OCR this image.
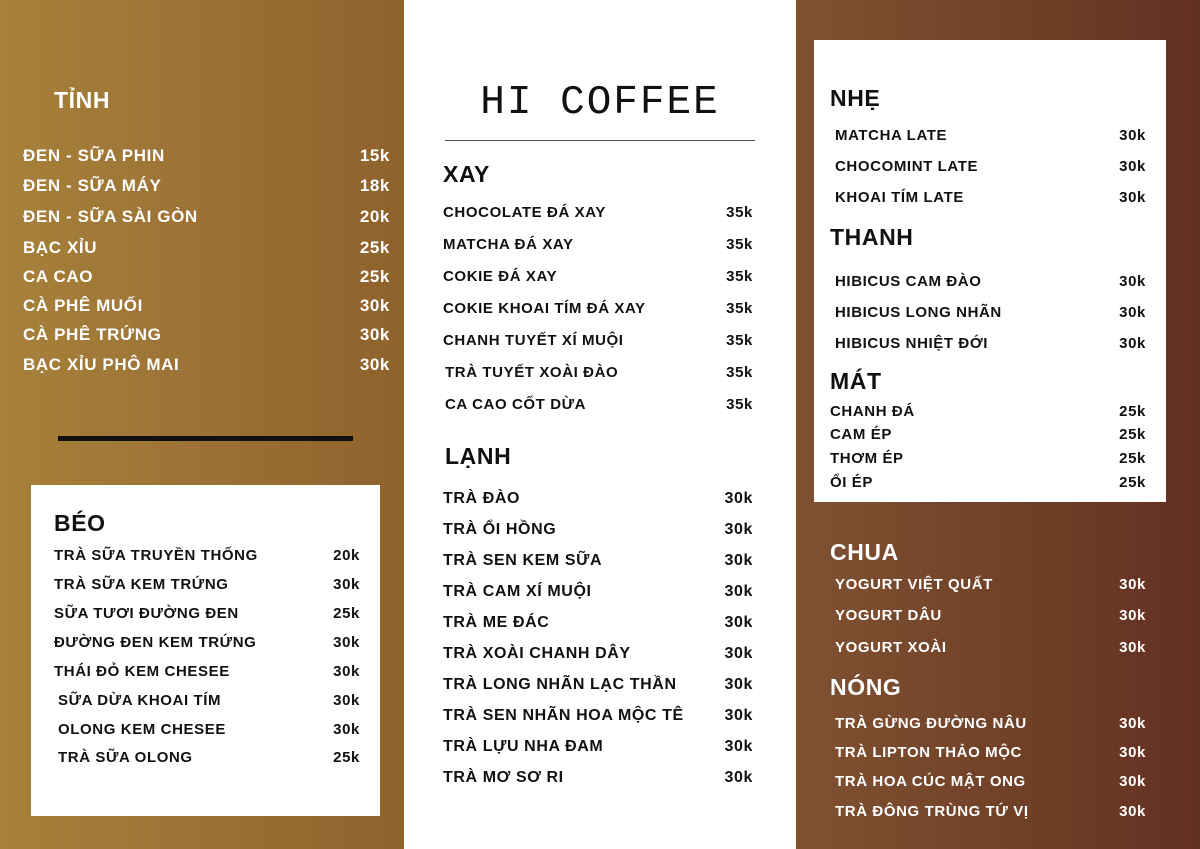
TỈNH
ĐEN - SỮA PHIN	15k
ĐEN - SỮA MÁY	18k
ĐEN - SỮA SÀI GÒN	20k
BẠC XỈU	25k
CA CAO	25k
CÀ PHÊ MUỐI	30k
CÀ PHÊ TRỨNG	30k
BẠC XỈU PHÔ MAI	30k
BÉO
TRÀ SỮA TRUYỀN THỐNG	20k
TRÀ SỮA KEM TRỨNG	30k
SỮA TƯƠI ĐƯỜNG ĐEN	25k
ĐƯỜNG ĐEN KEM TRỨNG	30k
THÁI ĐỎ KEM CHESEE	30k
SỮA DỪA KHOAI TÍM	30k
OLONG KEM CHESEE	30k
TRÀ SỮA OLONG	25k
HI COFFEE
XAY
CHOCOLATE ĐÁ XAY	35k
MATCHA ĐÁ XAY	35k
COKIE ĐÁ XAY	35k
COKIE KHOAI TÍM ĐÁ XAY	35k
CHANH TUYẾT XÍ MUỘI	35k
TRÀ TUYẾT XOÀI ĐÀO	35k
CA CAO CỐT DỪA	35k
LẠNH
TRÀ ĐÀO	30k
TRÀ ỔI HỒNG	30k
TRÀ SEN KEM SỮA	30k
TRÀ CAM XÍ MUỘI	30k
TRÀ ME ĐÁC	30k
TRÀ XOÀI CHANH DÂY	30k
TRÀ LONG NHÃN LẠC THẦN	30k
TRÀ SEN NHÃN HOA MỘC TÊ	30k
TRÀ LỰU NHA ĐAM	30k
TRÀ MƠ SƠ RI	30k
NHẸ
MATCHA LATE	30k
CHOCOMINT LATE	30k
KHOAI TÍM LATE	30k
THANH
HIBICUS CAM ĐÀO	30k
HIBICUS LONG NHÃN	30k
HIBICUS NHIỆT ĐỚI	30k
MÁT
CHANH ĐÁ	25k
CAM ÉP	25k
THƠM ÉP	25k
ỔI ÉP	25k
CHUA
YOGURT VIỆT QUẤT	30k
YOGURT DÂU	30k
YOGURT XOÀI	30k
NÓNG
TRÀ GỪNG ĐƯỜNG NÂU	30k
TRÀ LIPTON THẢO MỘC	30k
TRÀ HOA CÚC MẬT ONG	30k
TRÀ ĐÔNG TRÙNG TỨ VỊ	30k
